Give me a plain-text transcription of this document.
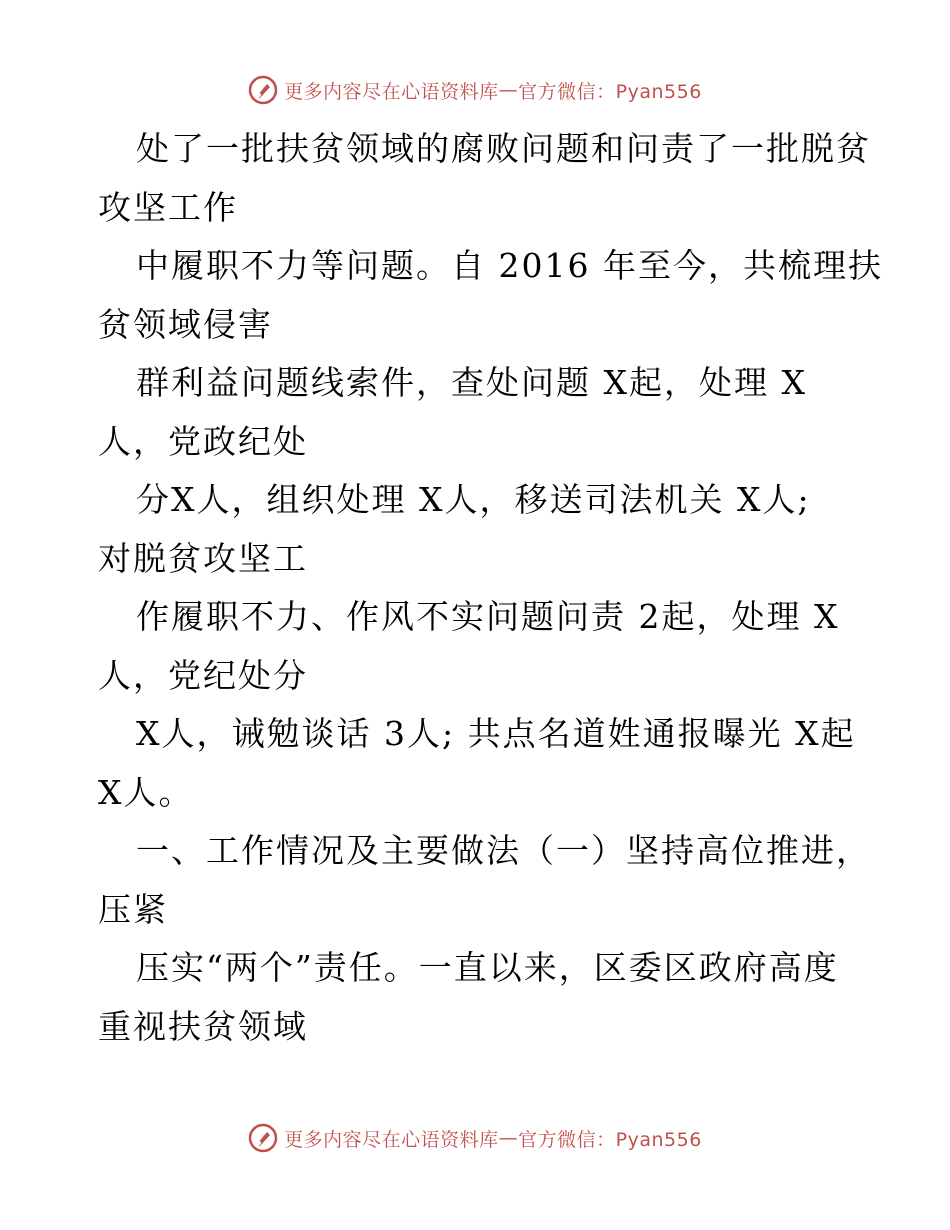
更多内容尽在心语资料库 — 官方微信：Pyan556
处了一批扶贫领域的腐败问题和问责了一批脱贫
攻坚工作
中履职不力等问题。自 2016 年至今，共梳理扶
贫领域侵害
群利益问题线索件，查处问题 X起，处理 X
人，党政纪处
分X人，组织处理 X人，移送司法机关 X人;
对脱贫攻坚工
作履职不力、作风不实问题问责 2起，处理 X
人，党纪处分
X人，诫勉谈话 3人; 共点名道姓通报曝光 X起
X人。
一、工作情况及主要做法（一）坚持高位推进，
压紧
压实“两个”责任。一直以来，区委区政府高度
重视扶贫领域
更多内容尽在心语资料库 — 官方微信：Pyan556
